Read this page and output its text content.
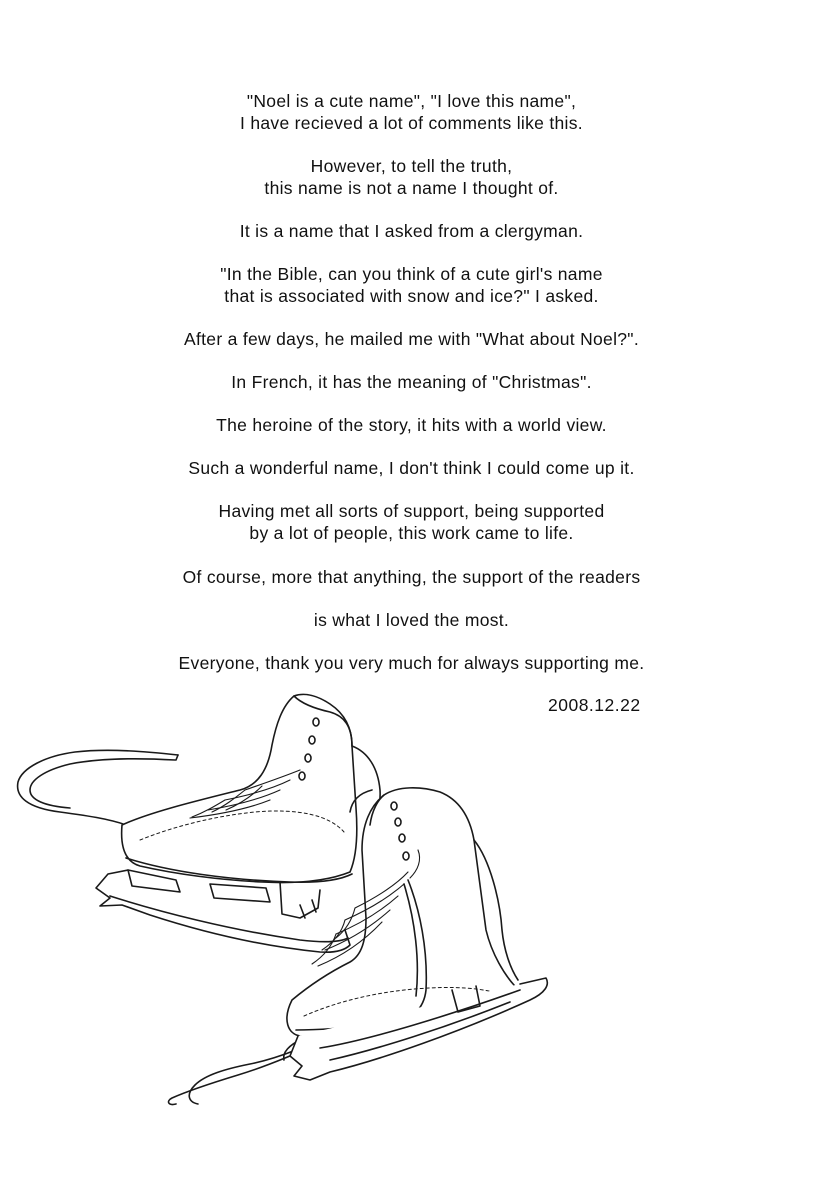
"Noel is a cute name", "I love this name",
I have recieved a lot of comments like this.
However, to tell the truth,
this name is not a name I thought of.
It is a name that I asked from a clergyman.
"In the Bible, can you think of a cute girl's name
that is associated with snow and ice?" I asked.
After a few days, he mailed me with "What about Noel?".
In French, it has the meaning of "Christmas".
The heroine of the story, it hits with a world view.
Such a wonderful name, I don't think I could come up it.
Having met all sorts of support, being supported
by a lot of people, this work came to life.
Of course, more that anything, the support of the readers
is what I loved the most.
Everyone, thank you very much for always supporting me.
2008.12.22
